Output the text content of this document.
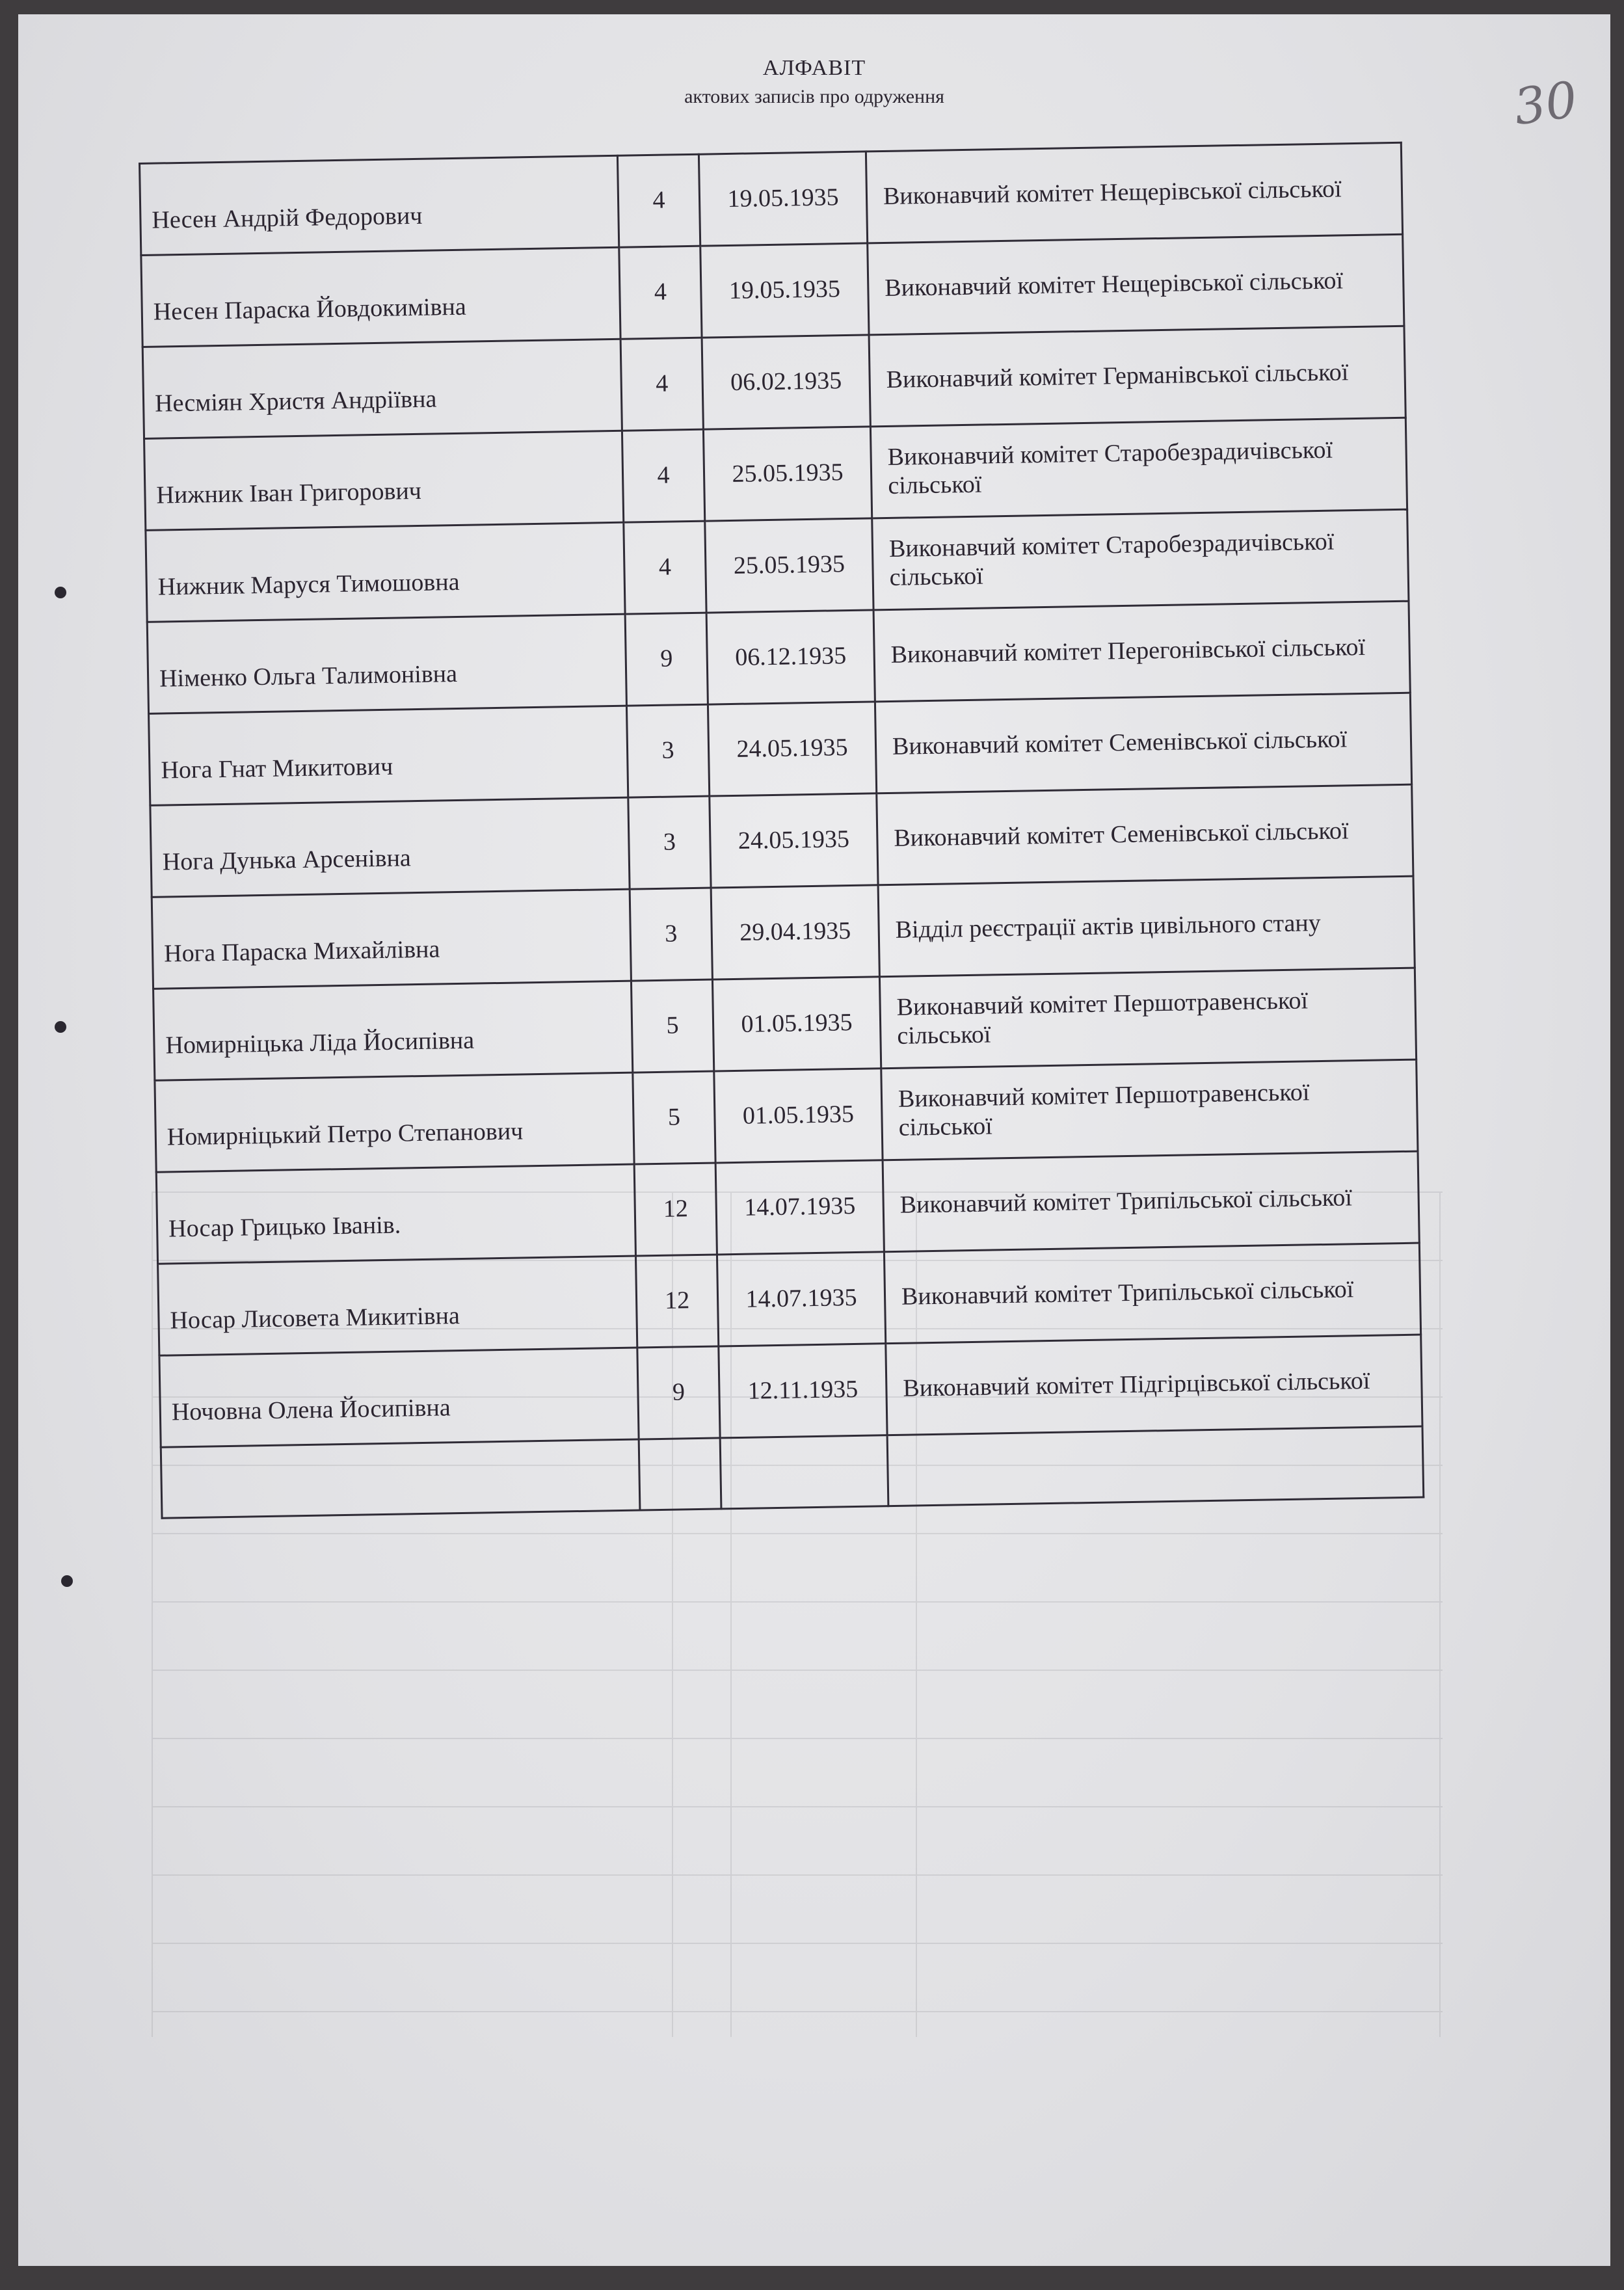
АЛФАВІТ
актових записів про одруження	30
Несен Андрій Федорович	4	19.05.1935	Виконавчий комітет Нещерівської сільської
Несен Параска Йовдокимівна	4	19.05.1935	Виконавчий комітет Нещерівської сільської
Несміян Христя Андріївна	4	06.02.1935	Виконавчий комітет Германівської сільської
Нижник Іван Григорович	4	25.05.1935	Виконавчий комітет Старобезрадичівської сільської
Нижник Маруся Тимошовна	4	25.05.1935	Виконавчий комітет Старобезрадичівської сільської
Німенко Ольга Талимонівна	9	06.12.1935	Виконавчий комітет Перегонівської сільської
Нога Гнат Микитович	3	24.05.1935	Виконавчий комітет Семенівської сільської
Нога Дунька Арсенівна	3	24.05.1935	Виконавчий комітет Семенівської сільської
Нога Параска Михайлівна	3	29.04.1935	Відділ реєстрації актів цивільного стану
Номирніцька Ліда Йосипівна	5	01.05.1935	Виконавчий комітет Першотравенської сільської
Номирніцький Петро Степанович	5	01.05.1935	Виконавчий комітет Першотравенської сільської
Носар Грицько Іванів.	12	14.07.1935	Виконавчий комітет Трипільської сільської
Носар Лисовета Микитівна	12	14.07.1935	Виконавчий комітет Трипільської сільської
Ночовна Олена Йосипівна	9	12.11.1935	Виконавчий комітет Підгірцівської сільської
